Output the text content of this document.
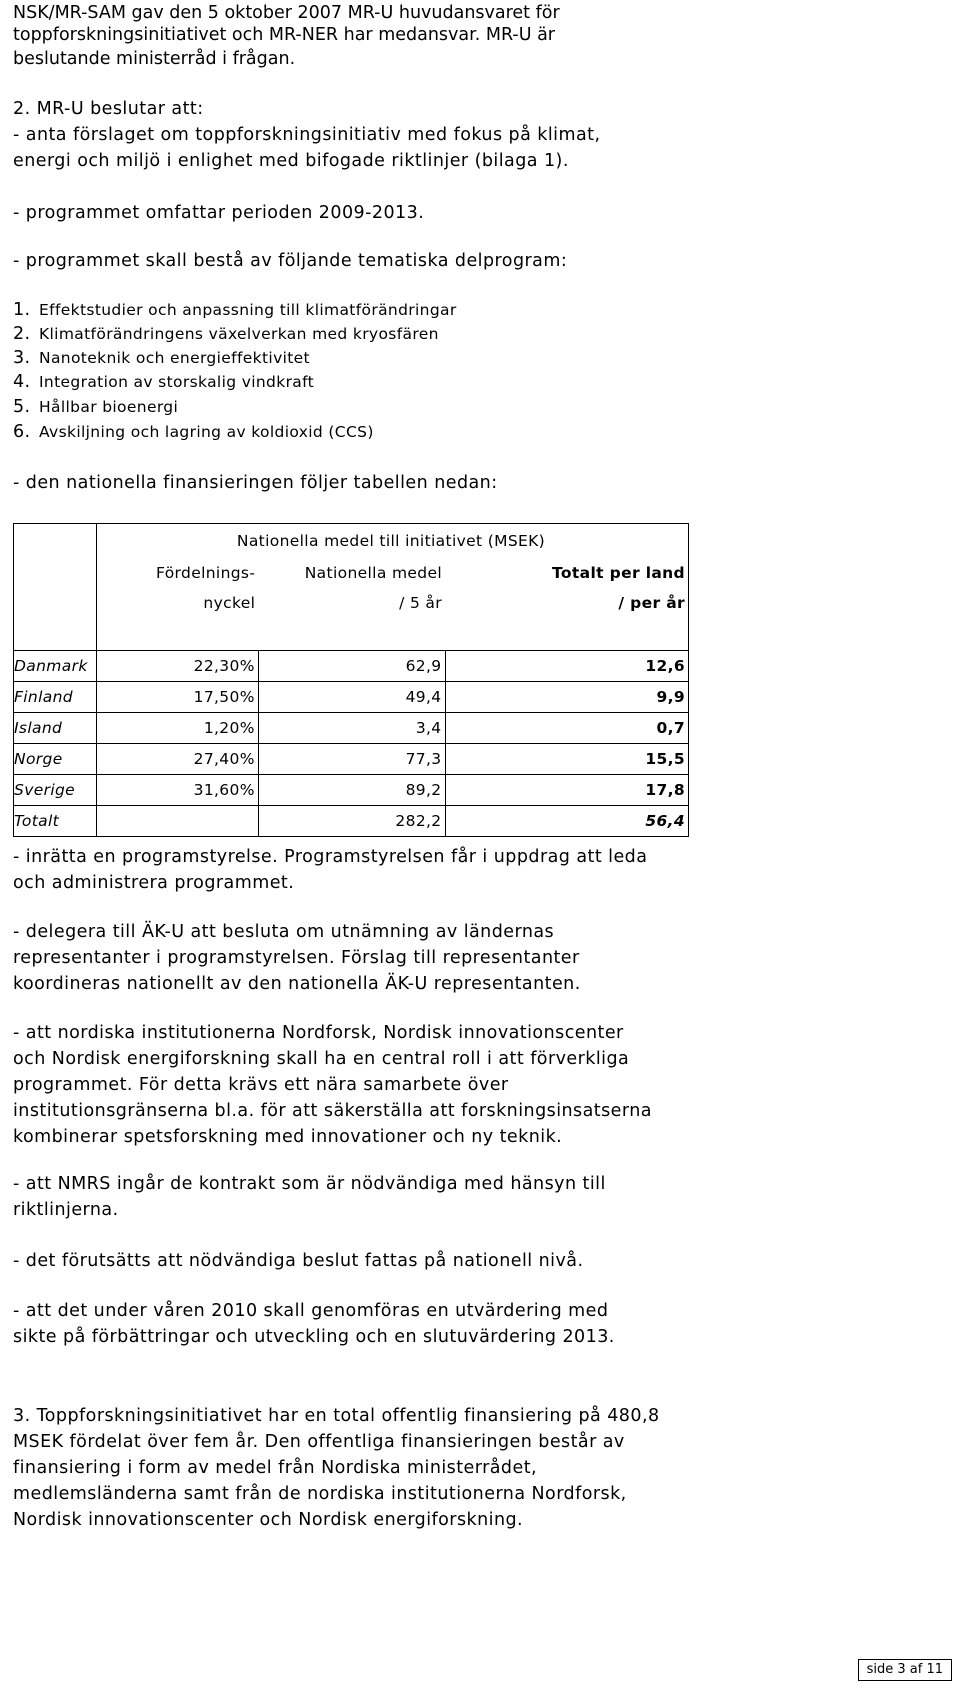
NSK/MR-SAM gav den 5 oktober 2007 MR-U huvudansvaret för
toppforskningsinitiativet och MR-NER har medansvar. MR-U är
beslutande ministerråd i frågan.
2. MR-U beslutar att:
- anta förslaget om toppforskningsinitiativ med fokus på klimat,
energi och miljö i enlighet med bifogade riktlinjer (bilaga 1).
- programmet omfattar perioden 2009-2013.
- programmet skall bestå av följande tematiska delprogram:
1. Effektstudier och anpassning till klimatförändringar
2. Klimatförändringens växelverkan med kryosfären
3. Nanoteknik och energieffektivitet
4. Integration av storskalig vindkraft
5. Hållbar bioenergi
6. Avskiljning och lagring av koldioxid (CCS)
- den nationella finansieringen följer tabellen nedan:
	Nationella medel till initiativet (MSEK)		
	Fördelnings-	Nationella medel	Totalt per land
	nyckel	/ 5 år	/ per år

Danmark	22,30%	62,9	12,6
Finland	17,50%	49,4	9,9
Island	1,20%	3,4	0,7
Norge	27,40%	77,3	15,5
Sverige	31,60%	89,2	17,8
Totalt		282,2	56,4
- inrätta en programstyrelse. Programstyrelsen får i uppdrag att leda
och administrera programmet.
- delegera till ÄK-U att besluta om utnämning av ländernas
representanter i programstyrelsen. Förslag till representanter
koordineras nationellt av den nationella ÄK-U representanten.
- att nordiska institutionerna Nordforsk, Nordisk innovationscenter
och Nordisk energiforskning skall ha en central roll i att förverkliga
programmet. För detta krävs ett nära samarbete över
institutionsgränserna bl.a. för att säkerställa att forskningsinsatserna
kombinerar spetsforskning med innovationer och ny teknik.
- att NMRS ingår de kontrakt som är nödvändiga med hänsyn till
riktlinjerna.
- det förutsätts att nödvändiga beslut fattas på nationell nivå.
- att det under våren 2010 skall genomföras en utvärdering med
sikte på förbättringar och utveckling och en slutuvärdering 2013.
3. Toppforskningsinitiativet har en total offentlig finansiering på 480,8
MSEK fördelat över fem år. Den offentliga finansieringen består av
finansiering i form av medel från Nordiska ministerrådet,
medlemsländerna samt från de nordiska institutionerna Nordforsk,
Nordisk innovationscenter och Nordisk energiforskning.
side 3 af 11
